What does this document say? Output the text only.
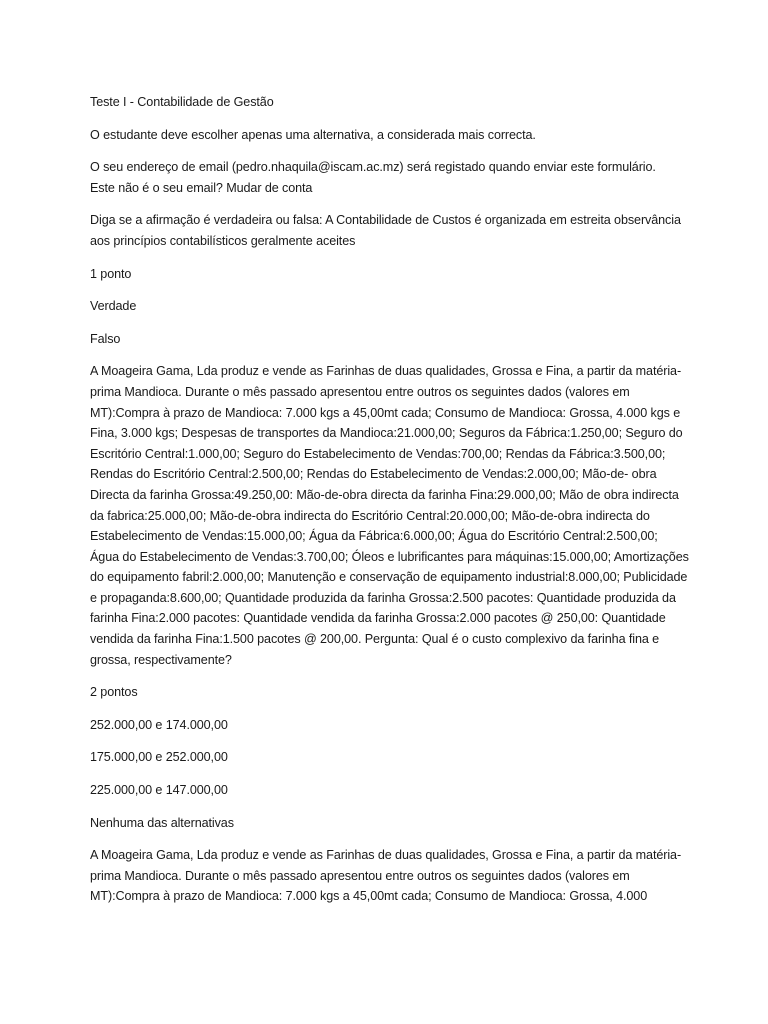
Teste I - Contabilidade de Gestão

O estudante deve escolher apenas uma alternativa, a considerada mais correcta.

O seu endereço de email (pedro.nhaquila@iscam.ac.mz) será registado quando enviar este formulário.
Este não é o seu email? Mudar de conta

Diga se a afirmação é verdadeira ou falsa: A Contabilidade de Custos é organizada em estreita observância aos princípios contabilísticos geralmente aceites

1 ponto

Verdade

Falso

A Moageira Gama, Lda produz e vende as Farinhas de duas qualidades, Grossa e Fina, a partir da matéria-prima Mandioca. Durante o mês passado apresentou entre outros os seguintes dados (valores em MT):Compra à prazo de Mandioca: 7.000 kgs a 45,00mt cada; Consumo de Mandioca: Grossa, 4.000 kgs e Fina, 3.000 kgs; Despesas de transportes da Mandioca:21.000,00; Seguros da Fábrica:1.250,00; Seguro do Escritório Central:1.000,00; Seguro do Estabelecimento de Vendas:700,00; Rendas da Fábrica:3.500,00; Rendas do Escritório Central:2.500,00; Rendas do Estabelecimento de Vendas:2.000,00; Mão-de- obra Directa da farinha Grossa:49.250,00: Mão-de-obra directa da farinha Fina:29.000,00; Mão de obra indirecta da fabrica:25.000,00; Mão-de-obra indirecta do Escritório Central:20.000,00; Mão-de-obra indirecta do Estabelecimento de Vendas:15.000,00; Água da Fábrica:6.000,00; Água do Escritório Central:2.500,00; Água do Estabelecimento de Vendas:3.700,00; Óleos e lubrificantes para máquinas:15.000,00; Amortizações do equipamento fabril:2.000,00; Manutenção e conservação de equipamento industrial:8.000,00; Publicidade e propaganda:8.600,00; Quantidade produzida da farinha Grossa:2.500 pacotes: Quantidade produzida da farinha Fina:2.000 pacotes: Quantidade vendida da farinha Grossa:2.000 pacotes @ 250,00: Quantidade vendida da farinha Fina:1.500 pacotes @ 200,00. Pergunta: Qual é o custo complexivo da farinha fina e grossa, respectivamente?

2 pontos

252.000,00 e 174.000,00

175.000,00 e 252.000,00

225.000,00 e 147.000,00

Nenhuma das alternativas

A Moageira Gama, Lda produz e vende as Farinhas de duas qualidades, Grossa e Fina, a partir da matéria-prima Mandioca. Durante o mês passado apresentou entre outros os seguintes dados (valores em MT):Compra à prazo de Mandioca: 7.000 kgs a 45,00mt cada; Consumo de Mandioca: Grossa, 4.000
